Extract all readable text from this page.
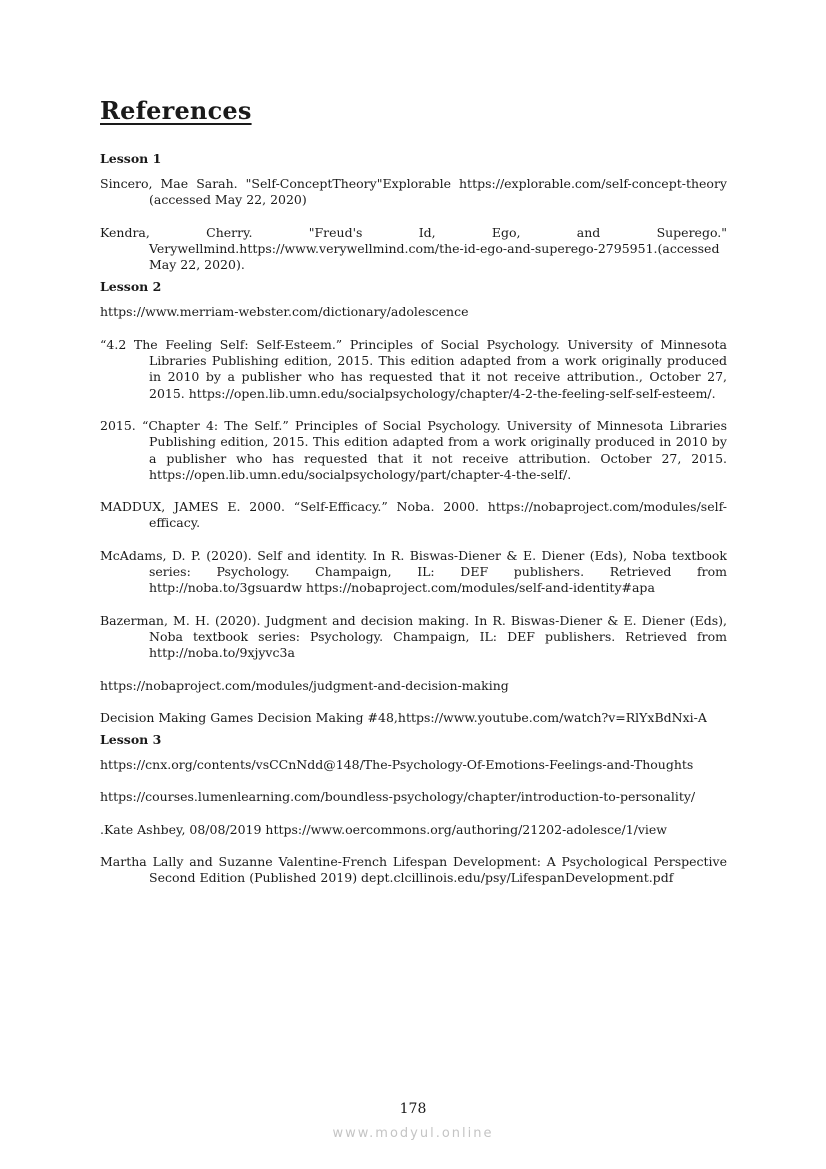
References
Lesson 1

Sincero, Mae Sarah. "Self-ConceptTheory"Explorable https://explorable.com/self-concept-theory (accessed May 22, 2020)

Kendra, Cherry. "Freud's Id, Ego, and Superego." Verywellmind.https://www.verywellmind.com/the-id-ego-and-superego-2795951.(accessed May 22, 2020).

Lesson 2

https://www.merriam-webster.com/dictionary/adolescence

“4.2 The Feeling Self: Self-Esteem.” Principles of Social Psychology. University of Minnesota Libraries Publishing edition, 2015. This edition adapted from a work originally produced in 2010 by a publisher who has requested that it not receive attribution., October 27, 2015. https://open.lib.umn.edu/socialpsychology/chapter/4-2-the-feeling-self-self-esteem/.

2015. “Chapter 4: The Self.” Principles of Social Psychology. University of Minnesota Libraries Publishing edition, 2015. This edition adapted from a work originally produced in 2010 by a publisher who has requested that it not receive attribution. October 27, 2015. https://open.lib.umn.edu/socialpsychology/part/chapter-4-the-self/.

MADDUX, JAMES E. 2000. “Self-Efficacy.” Noba. 2000. https://nobaproject.com/modules/self-efficacy.

McAdams, D. P. (2020). Self and identity. In R. Biswas-Diener & E. Diener (Eds), Noba textbook series: Psychology. Champaign, IL: DEF publishers. Retrieved from http://noba.to/3gsuardw https://nobaproject.com/modules/self-and-identity#apa

Bazerman, M. H. (2020). Judgment and decision making. In R. Biswas-Diener & E. Diener (Eds), Noba textbook series: Psychology. Champaign, IL: DEF publishers. Retrieved from http://noba.to/9xjyvc3a

https://nobaproject.com/modules/judgment-and-decision-making

Decision Making Games Decision Making #48,https://www.youtube.com/watch?v=RlYxBdNxi-A

Lesson 3

https://cnx.org/contents/vsCCnNdd@148/The-Psychology-Of-Emotions-Feelings-and-Thoughts

https://courses.lumenlearning.com/boundless-psychology/chapter/introduction-to-personality/

.Kate Ashbey, 08/08/2019 https://www.oercommons.org/authoring/21202-adolesce/1/view

Martha Lally and Suzanne Valentine-French Lifespan Development: A Psychological Perspective Second Edition (Published 2019) dept.clcillinois.edu/psy/LifespanDevelopment.pdf

178
www.modyul.online
